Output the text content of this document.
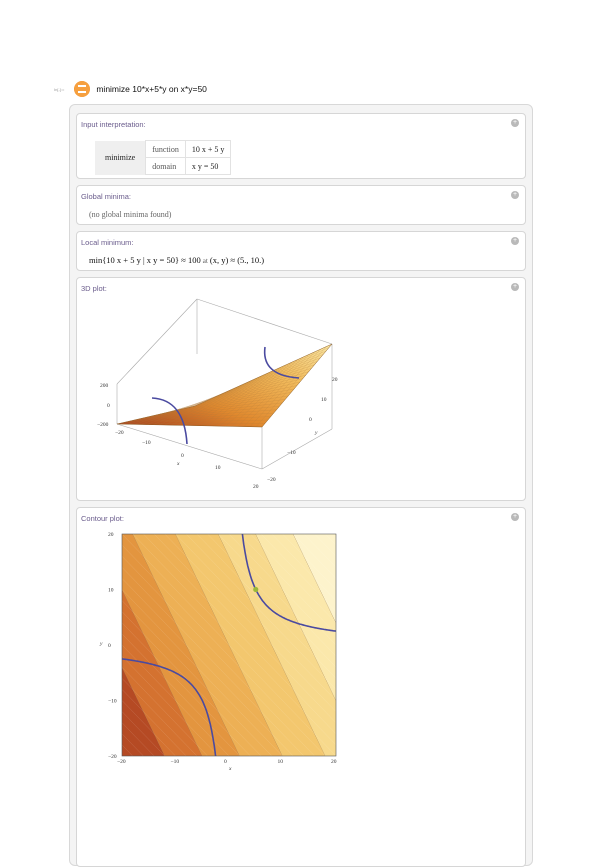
In[-]:=	minimize 10*x+5*y on x*y=50
Input interpretation:	+
minimize	function	10 x + 5 y
	domain	x y = 50
Global minima:	+
(no global minima found)
Local minimum:	+
min{10 x + 5 y | x y = 50} ≈ 100 at (x, y) ≈ (5., 10.)
3D plot:	+
200
0
−200
−20
−10
0
10
20
x
−20
−10
0
10
20
y
Contour plot:	+
−20	−10	0	10	20
−20
−10
0
10
20
x
y
